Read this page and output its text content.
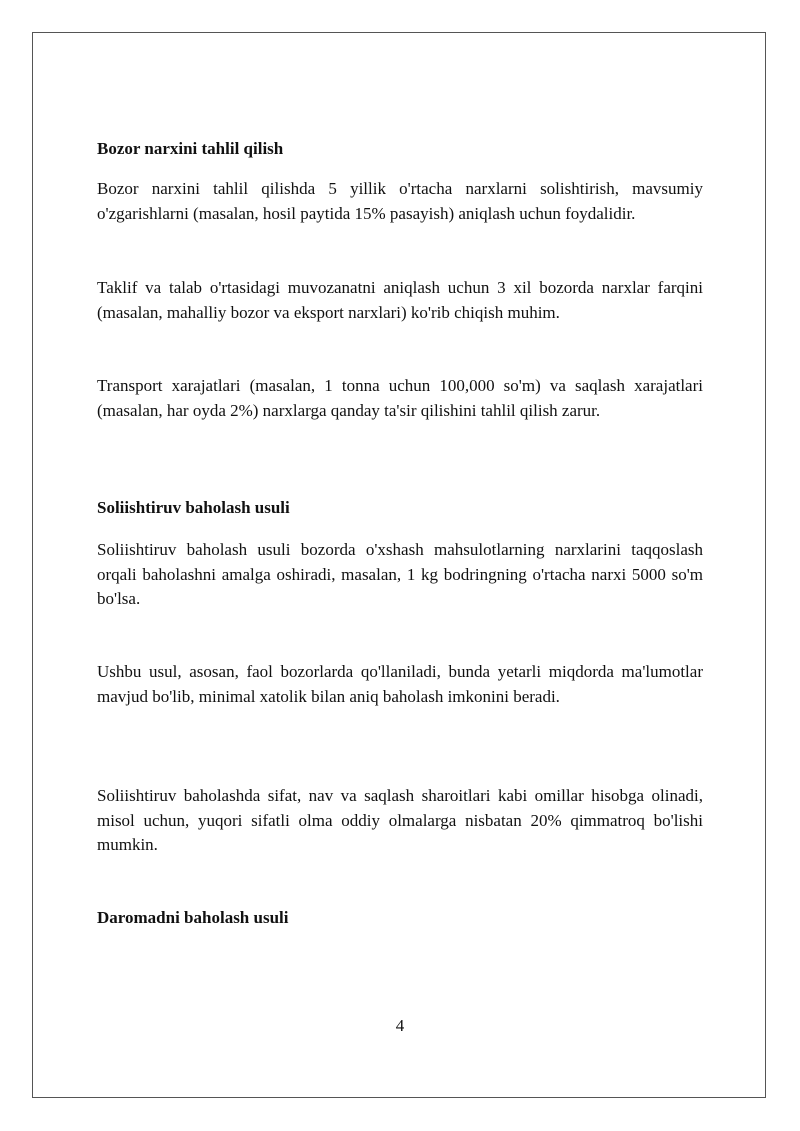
Bozor narxini tahlil qilish

Bozor narxini tahlil qilishda 5 yillik o'rtacha narxlarni solishtirish, mavsumiy o'zgarishlarni (masalan, hosil paytida 15% pasayish) aniqlash uchun foydalidir.

Taklif va talab o'rtasidagi muvozanatni aniqlash uchun 3 xil bozorda narxlar farqini (masalan, mahalliy bozor va eksport narxlari) ko'rib chiqish muhim.

Transport xarajatlari (masalan, 1 tonna uchun 100,000 so'm) va saqlash xarajatlari (masalan, har oyda 2%) narxlarga qanday ta'sir qilishini tahlil qilish zarur.

Soliishtiruv baholash usuli

Soliishtiruv baholash usuli bozorda o'xshash mahsulotlarning narxlarini taqqoslash orqali baholashni amalga oshiradi, masalan, 1 kg bodringning o'rtacha narxi 5000 so'm bo'lsa.

Ushbu usul, asosan, faol bozorlarda qo'llaniladi, bunda yetarli miqdorda ma'lumotlar mavjud bo'lib, minimal xatolik bilan aniq baholash imkonini beradi.

Soliishtiruv baholashda sifat, nav va saqlash sharoitlari kabi omillar hisobga olinadi, misol uchun, yuqori sifatli olma oddiy olmalarga nisbatan 20% qimmatroq bo'lishi mumkin.

Daromadni baholash usuli
4
